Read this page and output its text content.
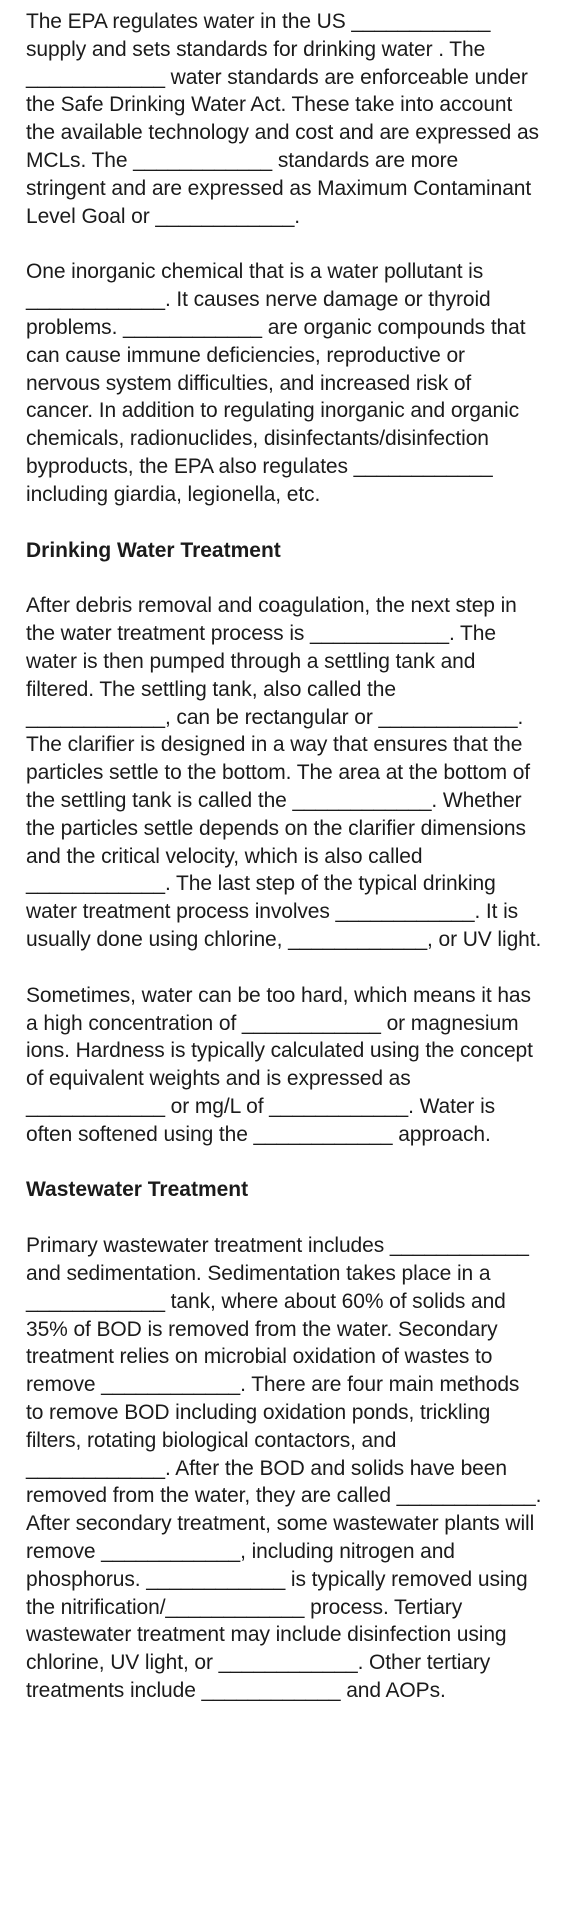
The EPA regulates water in the US ____________ supply and sets standards for drinking water . The ____________ water standards are enforceable under the Safe Drinking Water Act. These take into account the available technology and cost and are expressed as MCLs. The ____________ standards are more stringent and are expressed as Maximum Contaminant Level Goal or ____________.

One inorganic chemical that is a water pollutant is ____________. It causes nerve damage or thyroid problems. ____________ are organic compounds that can cause immune deficiencies, reproductive or nervous system difficulties, and increased risk of cancer. In addition to regulating inorganic and organic chemicals, radionuclides, disinfectants/disinfection byproducts, the EPA also regulates ____________ including giardia, legionella, etc.

Drinking Water Treatment

After debris removal and coagulation, the next step in the water treatment process is ____________. The water is then pumped through a settling tank and filtered. The settling tank, also called the ____________, can be rectangular or ____________. The clarifier is designed in a way that ensures that the particles settle to the bottom. The area at the bottom of the settling tank is called the ____________. Whether the particles settle depends on the clarifier dimensions and the critical velocity, which is also called ____________. The last step of the typical drinking water treatment process involves ____________. It is usually done using chlorine, ____________, or UV light.

Sometimes, water can be too hard, which means it has a high concentration of ____________ or magnesium ions. Hardness is typically calculated using the concept of equivalent weights and is expressed as ____________ or mg/L of ____________. Water is often softened using the ____________ approach.

Wastewater Treatment

Primary wastewater treatment includes ____________ and sedimentation. Sedimentation takes place in a ____________ tank, where about 60% of solids and 35% of BOD is removed from the water. Secondary treatment relies on microbial oxidation of wastes to remove ____________. There are four main methods to remove BOD including oxidation ponds, trickling filters, rotating biological contactors, and ____________. After the BOD and solids have been removed from the water, they are called ____________. After secondary treatment, some wastewater plants will remove ____________, including nitrogen and phosphorus. ____________ is typically removed using the nitrification/____________ process. Tertiary wastewater treatment may include disinfection using chlorine, UV light, or ____________. Other tertiary treatments include ____________ and AOPs.
